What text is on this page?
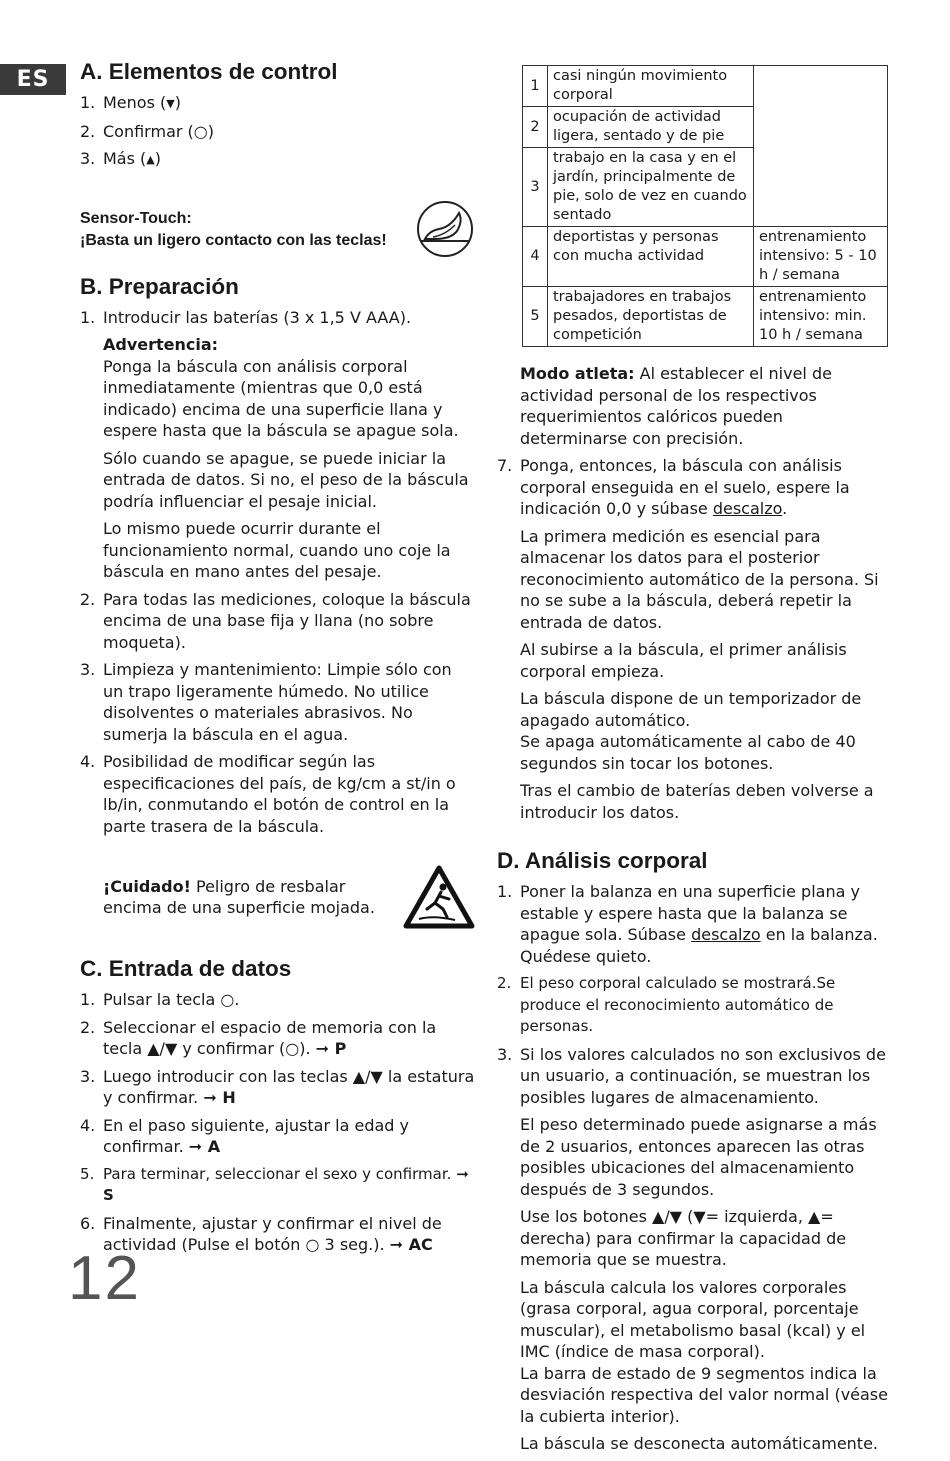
ES	A. Elementos de control
1. Menos (▼)
2. Confirmar (○)
3. Más (▲)
Sensor-Touch:
¡Basta un ligero contacto con las teclas!
B. Preparación
1. Introducir las baterías (3 x 1,5 V AAA).
Advertencia:

Ponga la báscula con análisis corporal inmediatamente (mientras que 0,0 está indicado) encima de una superficie llana y espere hasta que la báscula se apague sola.

Sólo cuando se apague, se puede iniciar la entrada de datos. Si no, el peso de la báscula podría influenciar el pesaje inicial.

Lo mismo puede ocurrir durante el funcionamiento normal, cuando uno coje la báscula en mano antes del pesaje.

2. Para todas las mediciones, coloque la báscula encima de una base fija y llana (no sobre moqueta).
3. Limpieza y mantenimiento: Limpie sólo con un trapo ligeramente húmedo. No utilice disolventes o materiales abrasivos. No sumerja la báscula en el agua.
4. Posibilidad de modificar según las especificaciones del país, de kg/cm a st/in o lb/in, conmutando el botón de control en la parte trasera de la báscula.
¡Cuidado! Peligro de resbalar encima de una superficie mojada.
C. Entrada de datos
1. Pulsar la tecla ○.
2. Seleccionar el espacio de memoria con la tecla ▲/▼ y confirmar (○). ➞ P
3. Luego introducir con las teclas ▲/▼ la estatura y confirmar. ➞ H
4. En el paso siguiente, ajustar la edad y confirmar. ➞ A
5. Para terminar, seleccionar el sexo y confirmar. ➞ S
6. Finalmente, ajustar y confirmar el nivel de actividad (Pulse el botón ○ 3 seg.). ➞ AC
12
1	casi ningún movimiento corporal	
2	ocupación de actividad ligera, sentado y de pie	
3	trabajo en la casa y en el jardín, principalmente de pie, solo de vez en cuando sentado	
4	deportistas y personas con mucha actividad	entrenamiento intensivo: 5 - 10 h / semana
5	trabajadores en trabajos pesados, deportistas de competición	entrenamiento intensivo: min. 10 h / semana

Modo atleta: Al establecer el nivel de actividad personal de los respectivos requerimientos calóricos pueden determinarse con precisión.

7. Ponga, entonces, la báscula con análisis corporal enseguida en el suelo, espere la indicación 0,0 y súbase descalzo.

La primera medición es esencial para almacenar los datos para el posterior reconocimiento automático de la persona. Si no se sube a la báscula, deberá repetir la entrada de datos.

Al subirse a la báscula, el primer análisis corporal empieza.

La báscula dispone de un temporizador de apagado automático.

Se apaga automáticamente al cabo de 40 segundos sin tocar los botones.

Tras el cambio de baterías deben volverse a introducir los datos.

D. Análisis corporal
1. Poner la balanza en una superficie plana y estable y espere hasta que la balanza se apague sola. Súbase descalzo en la balanza. Quédese quieto.
2. El peso corporal calculado se mostrará.Se produce el reconocimiento automático de personas.
3. Si los valores calculados no son exclusivos de un usuario, a continuación, se muestran los posibles lugares de almacenamiento.

El peso determinado puede asignarse a más de 2 usuarios, entonces aparecen las otras posibles ubicaciones del almacenamiento después de 3 segundos.

Use los botones ▲/▼ (▼= izquierda, ▲= derecha) para confirmar la capacidad de memoria que se muestra.

La báscula calcula los valores corporales (grasa corporal, agua corporal, porcentaje muscular), el metabolismo basal (kcal) y el IMC (índice de masa corporal).

La barra de estado de 9 segmentos indica la desviación respectiva del valor normal (véase la cubierta interior).

La báscula se desconecta automáticamente.
